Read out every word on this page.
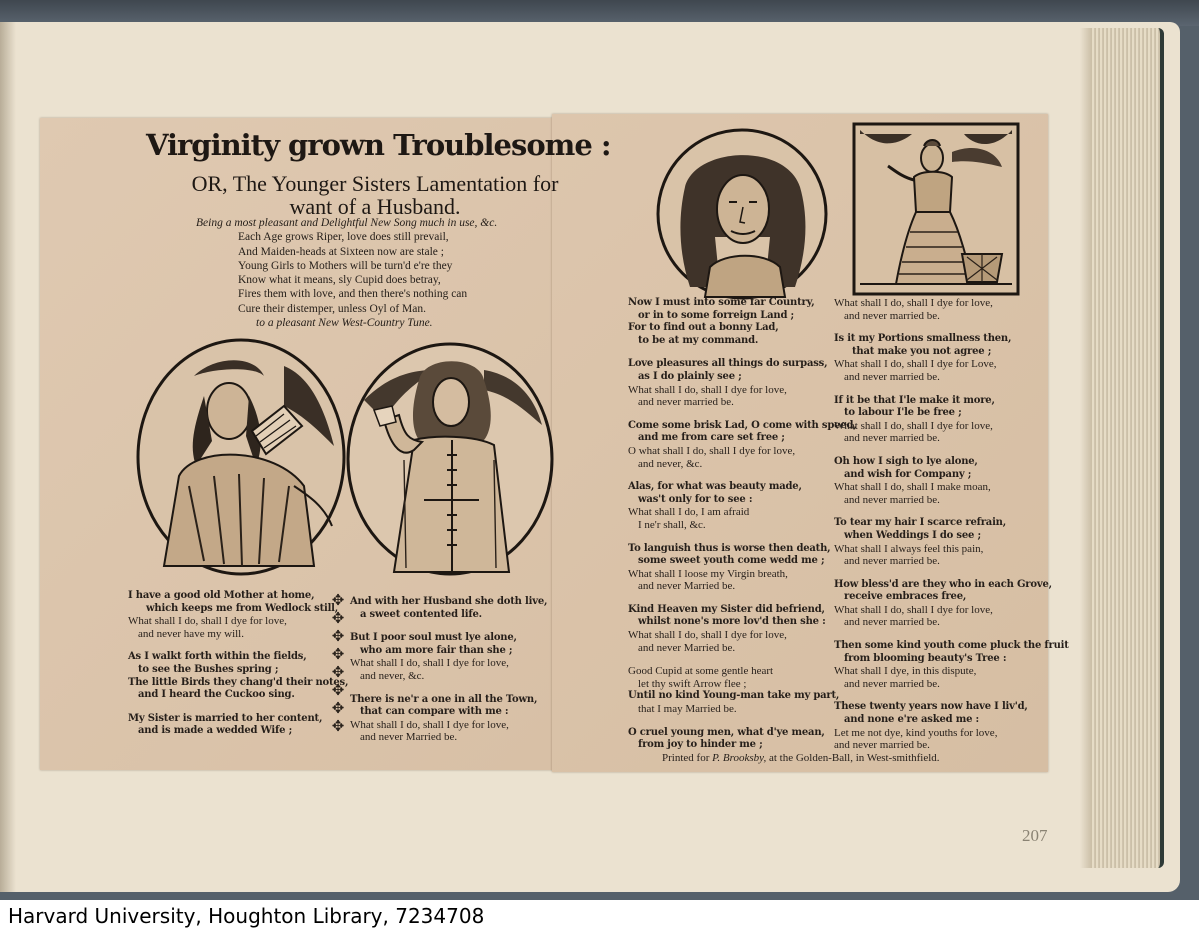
Virginity grown Troublesome :
OR, The Younger Sisters Lamentation for
want of a Husband.
Being a most pleasant and Delightful New Song much in use, &c.
Each Age grows Riper, love does still prevail,
And Maiden-heads at Sixteen now are stale ;
Young Girls to Mothers will be turn'd e're they
Know what it means, sly Cupid does betray,
Fires them with love, and then there's nothing can
Cure their distemper, unless Oyl of Man.
to a pleasant New West-Country Tune.
I have a good old Mother at home,
which keeps me from Wedlock still,
What shall I do, shall I dye for love,
and never have my will.
As I walkt forth within the fields,
to see the Bushes spring ;
The little Birds they chang'd their notes,
and I heard the Cuckoo sing.
My Sister is married to her content,
and is made a wedded Wife ;
✥
✥
✥
✥
✥
✥
✥
✥
And with her Husband she doth live,
a sweet contented life.
But I poor soul must lye alone,
who am more fair than she ;
What shall I do, shall I dye for love,
and never, &c.
There is ne'r a one in all the Town,
that can compare with me :
What shall I do, shall I dye for love,
and never Married be.
Now I must into some far Country,
or in to some forreign Land ;
For to find out a bonny Lad,
to be at my command.
Love pleasures all things do surpass,
as I do plainly see ;
What shall I do, shall I dye for love,
and never married be.
Come some brisk Lad, O come with speed,
and me from care set free ;
O what shall I do, shall I dye for love,
and never, &c.
Alas, for what was beauty made,
was't only for to see :
What shall I do, I am afraid
I ne'r shall, &c.
To languish thus is worse then death,
some sweet youth come wedd me ;
What shall I loose my Virgin breath,
and never Married be.
Kind Heaven my Sister did befriend,
whilst none's more lov'd then she :
What shall I do, shall I dye for love,
and never Married be.
Good Cupid at some gentle heart
let thy swift Arrow flee ;
Until no kind Young-man take my part,
that I may Married be.
O cruel young men, what d'ye mean,
from joy to hinder me ;
What shall I do, shall I dye for love,
and never married be.
Is it my Portions smallness then,
that make you not agree ;
What shall I do, shall I dye for Love,
and never married be.
If it be that I'le make it more,
to labour I'le be free ;
What shall I do, shall I dye for love,
and never married be.
Oh how I sigh to lye alone,
and wish for Company ;
What shall I do, shall I make moan,
and never married be.
To tear my hair I scarce refrain,
when Weddings I do see ;
What shall I always feel this pain,
and never married be.
How bless'd are they who in each Grove,
receive embraces free,
What shall I do, shall I dye for love,
and never married be.
Then some kind youth come pluck the fruit
from blooming beauty's Tree :
What shall I dye, in this dispute,
and never married be.
These twenty years now have I liv'd,
and none e're asked me :
Let me not dye, kind youths for love,
and never married be.
Printed for P. Brooksby, at the Golden-Ball, in West-smithfield.
207
Harvard University, Houghton Library, 7234708
